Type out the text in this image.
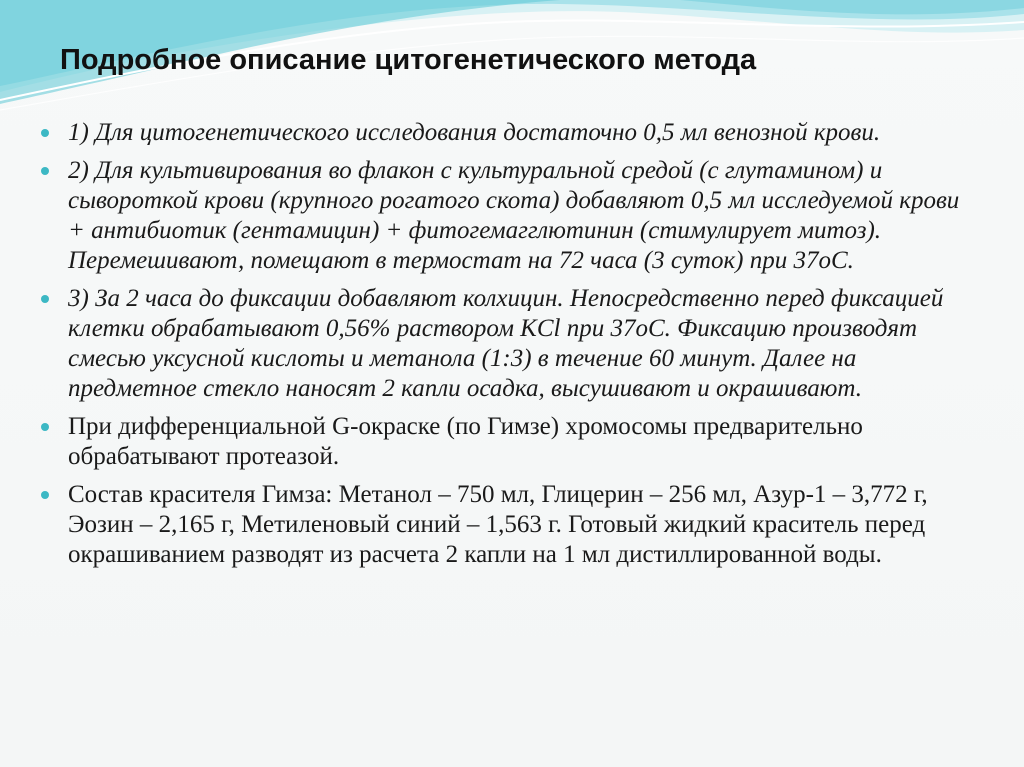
Подробное описание цитогенетического метода
1) Для цитогенетического исследования достаточно 0,5 мл венозной крови.
2) Для культивирования во флакон с культуральной средой (с глутамином) и сывороткой крови (крупного рогатого скота) добавляют 0,5 мл исследуемой крови + антибиотик (гентамицин) + фитогемагглютинин (стимулирует митоз). Перемешивают, помещают в термостат на 72 часа (3 суток) при 37оС.
3) За 2 часа до фиксации добавляют колхицин. Непосредственно перед фиксацией клетки обрабатывают 0,56% раствором KCl при 37оС. Фиксацию производят смесью уксусной кислоты и метанола (1:3) в течение 60 минут. Далее на предметное стекло наносят 2 капли осадка, высушивают и окрашивают.
При дифференциальной G-окраске (по Гимзе) хромосомы предварительно обрабатывают протеазой.
Состав красителя Гимза: Метанол – 750 мл, Глицерин – 256 мл, Азур-1 – 3,772 г, Эозин – 2,165 г, Метиленовый синий – 1,563 г. Готовый жидкий краситель перед окрашиванием разводят из расчета 2 капли на 1 мл дистиллированной воды.
